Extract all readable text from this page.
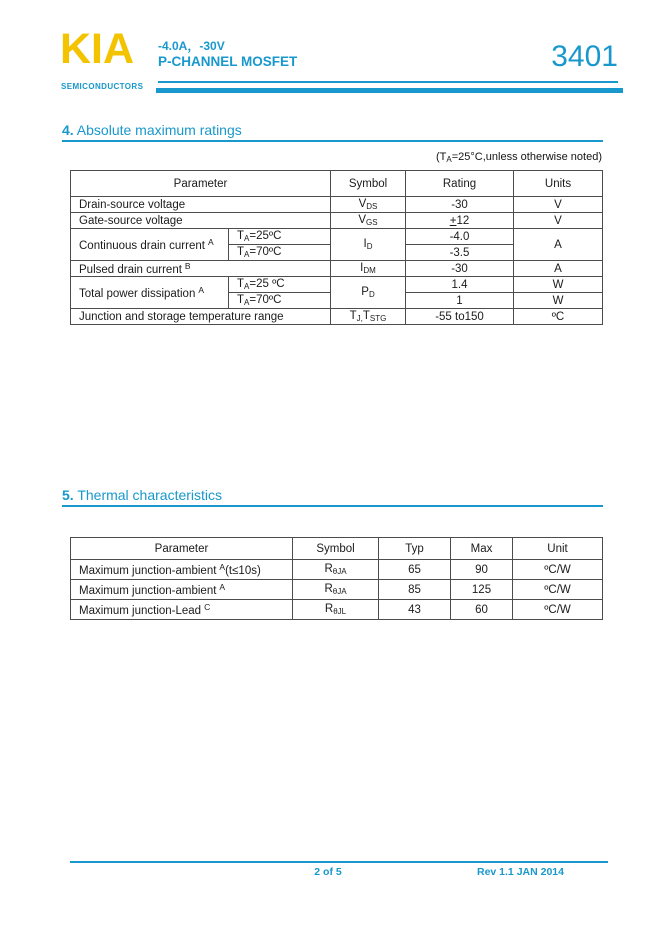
KIA
SEMICONDUCTORS
-4.0A，-30V
P-CHANNEL MOSFET	3401
4. Absolute maximum ratings
(TA=25°C,unless otherwise noted)
Parameter		Symbol	Rating	Units
Drain-source voltage		VDS	-30	V
Gate-source voltage		VGS	+12	V
Continuous drain current $^A$	TA=25ºC	ID	-4.0	A
	TA=70ºC		-3.5	
Pulsed drain current $^B$		IDM	-30	A
Total power dissipation $^A$	TA=25 ºC	PD	1.4	W
	TA=70ºC		1	W
Junction and storage temperature range		TJ,TSTG	-55 to150	ºC
5. Thermal characteristics
Parameter	Symbol	Typ	Max	Unit
Maximum junction-ambient $^A$(t≤10s)	RθJA	65	90	ºC/W
Maximum junction-ambient $^A$	RθJA	85	125	ºC/W
Maximum junction-Lead $^C$	RθJL	43	60	ºC/W
2 of 5	Rev 1.1 JAN 2014
